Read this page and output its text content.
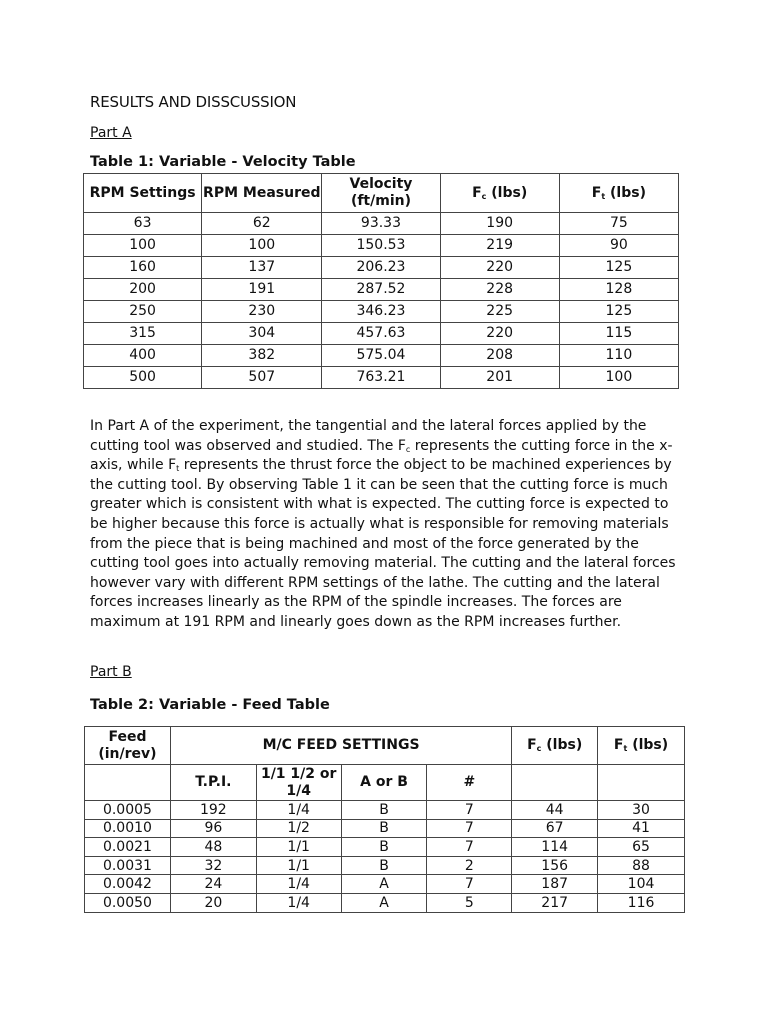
RESULTS AND DISSCUSSION
Part A
Table 1: Variable - Velocity Table
RPM Settings	RPM Measured	Velocity (ft/min)	$F_c$ (lbs)	$F_t$ (lbs)
63	62	93.33	190	75
100	100	150.53	219	90
160	137	206.23	220	125
200	191	287.52	228	128
250	230	346.23	225	125
315	304	457.63	220	115
400	382	575.04	208	110
500	507	763.21	201	100
In Part A of the experiment, the tangential and the lateral forces applied by the cutting tool was observed and studied. The $F_c$ represents the cutting force in the x-axis, while $F_t$ represents the thrust force the object to be machined experiences by the cutting tool. By observing Table 1 it can be seen that the cutting force is much greater which is consistent with what is expected. The cutting force is expected to be higher because this force is actually what is responsible for removing materials from the piece that is being machined and most of the force generated by the cutting tool goes into actually removing material. The cutting and the lateral forces however vary with different RPM settings of the lathe. The cutting and the lateral forces increases linearly as the RPM of the spindle increases. The forces are maximum at 191 RPM and linearly goes down as the RPM increases further.
Part B
Table 2: Variable - Feed Table
Feed (in/rev)	M/C FEED SETTINGS				$F_c$ (lbs)	$F_t$ (lbs)
	T.P.I.	1/1 1/2 or 1/4	A or B	#		
0.0005	192	1/4	B	7	44	30
0.0010	96	1/2	B	7	67	41
0.0021	48	1/1	B	7	114	65
0.0031	32	1/1	B	2	156	88
0.0042	24	1/4	A	7	187	104
0.0050	20	1/4	A	5	217	116
